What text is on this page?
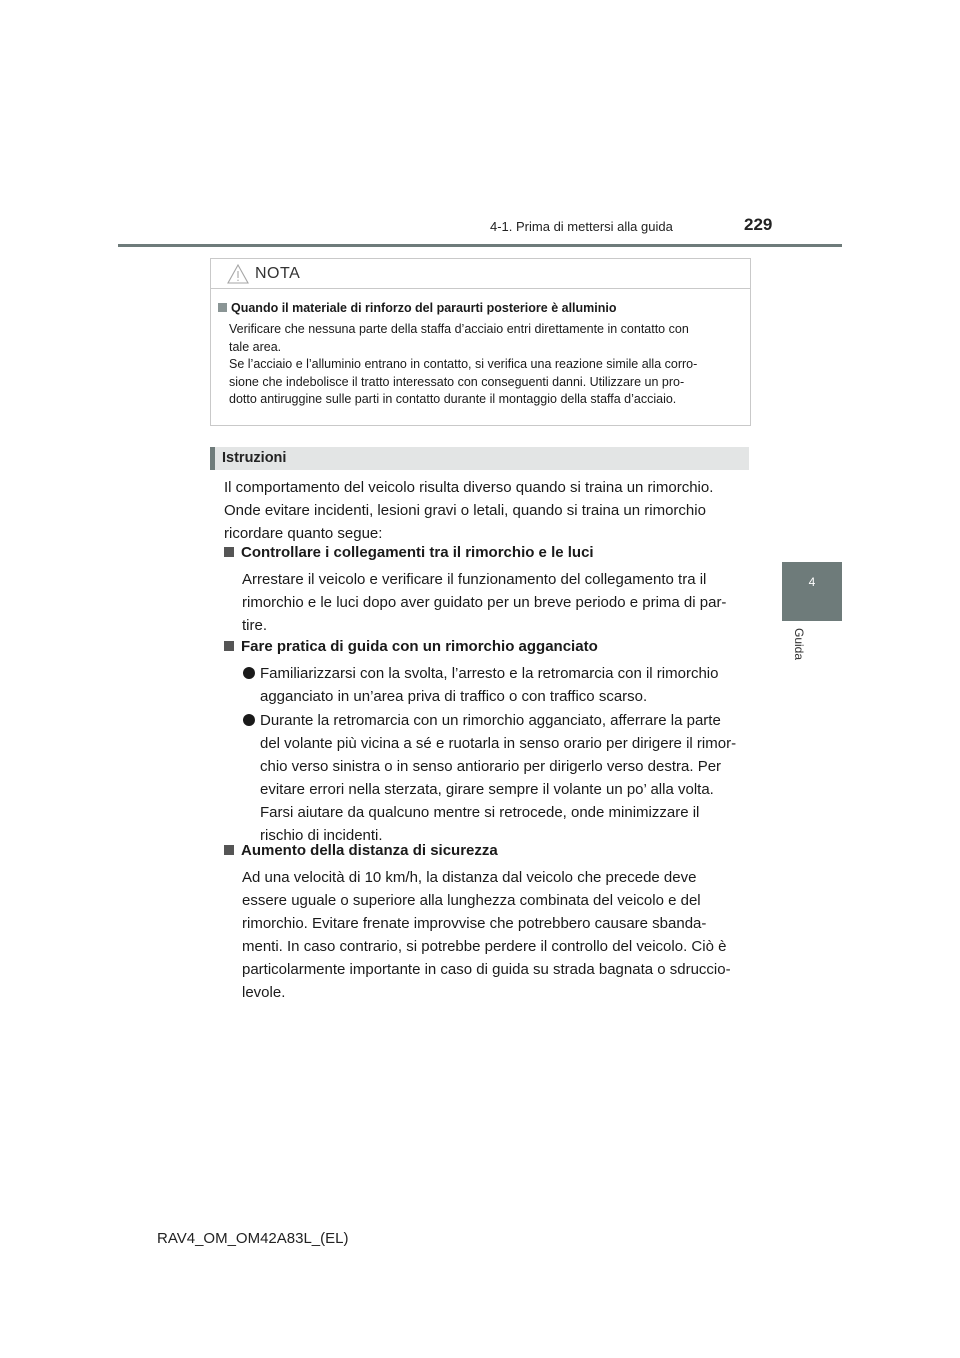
4-1. Prima di mettersi alla guida	229
4
Guida
NOTA
Quando il materiale di rinforzo del paraurti posteriore è alluminio

Verificare che nessuna parte della staffa d’acciaio entri direttamente in contatto con

tale area.

Se l’acciaio e l’alluminio entrano in contatto, si verifica una reazione simile alla corro-

sione che indebolisce il tratto interessato con conseguenti danni. Utilizzare un pro-

dotto antiruggine sulle parti in contatto durante il montaggio della staffa d’acciaio.

Istruzioni

Il comportamento del veicolo risulta diverso quando si traina un rimorchio.

Onde evitare incidenti, lesioni gravi o letali, quando si traina un rimorchio

ricordare quanto segue:

Controllare i collegamenti tra il rimorchio e le luci

Arrestare il veicolo e verificare il funzionamento del collegamento tra il

rimorchio e le luci dopo aver guidato per un breve periodo e prima di par-

tire.

Fare pratica di guida con un rimorchio agganciato

Familiarizzarsi con la svolta, l’arresto e la retromarcia con il rimorchio

agganciato in un’area priva di traffico o con traffico scarso.

Durante la retromarcia con un rimorchio agganciato, afferrare la parte

del volante più vicina a sé e ruotarla in senso orario per dirigere il rimor-

chio verso sinistra o in senso antiorario per dirigerlo verso destra. Per

evitare errori nella sterzata, girare sempre il volante un po’ alla volta.

Farsi aiutare da qualcuno mentre si retrocede, onde minimizzare il

rischio di incidenti.

Aumento della distanza di sicurezza

Ad una velocità di 10 km/h, la distanza dal veicolo che precede deve

essere uguale o superiore alla lunghezza combinata del veicolo e del

rimorchio. Evitare frenate improvvise che potrebbero causare sbanda-

menti. In caso contrario, si potrebbe perdere il controllo del veicolo. Ciò è

particolarmente importante in caso di guida su strada bagnata o sdruccio-

levole.

RAV4_OM_OM42A83L_(EL)
